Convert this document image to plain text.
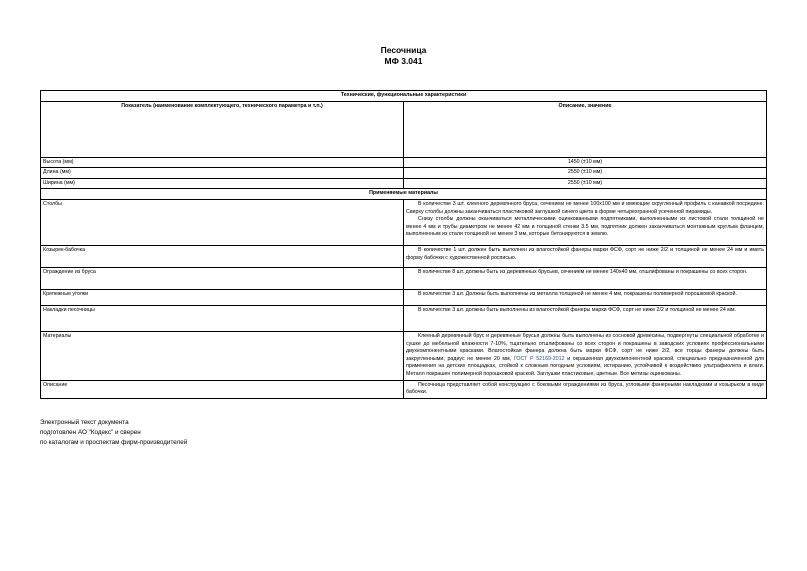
Песочница
МФ 3.041
Технические, функциональные характеристики	
Показатель (наименование комплектующего, технического параметра и т.п.)	Описание, значение
Высота (мм)	1450 (±10 мм)
Длина (мм)	2550 (±10 мм)
Ширина (мм)	2550 (±10 мм)
Применяемые материалы	
Столбы	В количестве 3 шт. клееного деревянного бруса, сечением не менее 100х100 мм и имеющие скругленный профиль с канавкой посредине. Сверху столбы должны заканчиваться пластиковой заглушкой синего цвета в форме четырехгранной усеченной пирамиды.

Снизу столбы должны оканчиваться металлическими оцинкованными подпятниками, выполненными из листовой стали толщиной не менее 4 мм и трубы диаметром не менее 42 мм и толщиной стенки 3.5 мм, подпятник должен заканчиваться монтажным круглым фланцем, выполненным из стали толщиной не менее 3 мм, которые бетонируются в землю.

Козырек-бабочка	В количестве 1 шт. должен быть выполнен из влагостойкой фанеры марки ФСФ, сорт не ниже 2/2 и толщиной не менее 24 мм и иметь форму бабочки с художественной росписью.

Ограждение из бруса	В количестве 8 шт. должны быть из деревянных брусьев, сечением не менее 140х40 мм, отшлифованы и покрашены со всех сторон.

Крепежные уголки	В количестве 3 шт. Должны быть выполнены из металла толщиной не менее 4 мм, покрашены полимерной порошковой краской.

Накладки песочницы	В количестве 3 шт. должны быть выполнены из влагостойкой фанеры марки ФСФ, сорт не ниже 2/2 и толщиной не менее 24 мм.

Материалы	Клееный деревянный брус и деревянные брусья должны быть выполнены из сосновой древесины, подвергнуты специальной обработке и сушке до мебельной влажности 7-10%, тщательно отшлифованы со всех сторон и покрашены в заводских условиях профессиональными двухкомпонентными красками. Влагостойкая фанера должна быть марки ФСФ, сорт не ниже 2/2, все торцы фанеры должны быть закругленными, радиус не менее 20 мм, ГОСТ Р 52169-2012 и окрашенная двухкомпонентной краской, специально предназначенной для применения на детских площадках, стойкой к сложным погодным условиям, истиранию, устойчивой к воздействию ультрафиолета и влаги. Металл покрашен полимерной порошковой краской. Заглушки пластиковые, цветные. Все метизы оцинкованы.

Описание	Песочница представляет собой конструкцию с боковыми ограждениями из бруса, угловыми фанерными накладками и козырьком в виде бабочки.

Электронный текст документа
подготовлен АО "Кодекс" и сверен
по каталогам и проспектам фирм-производителей
